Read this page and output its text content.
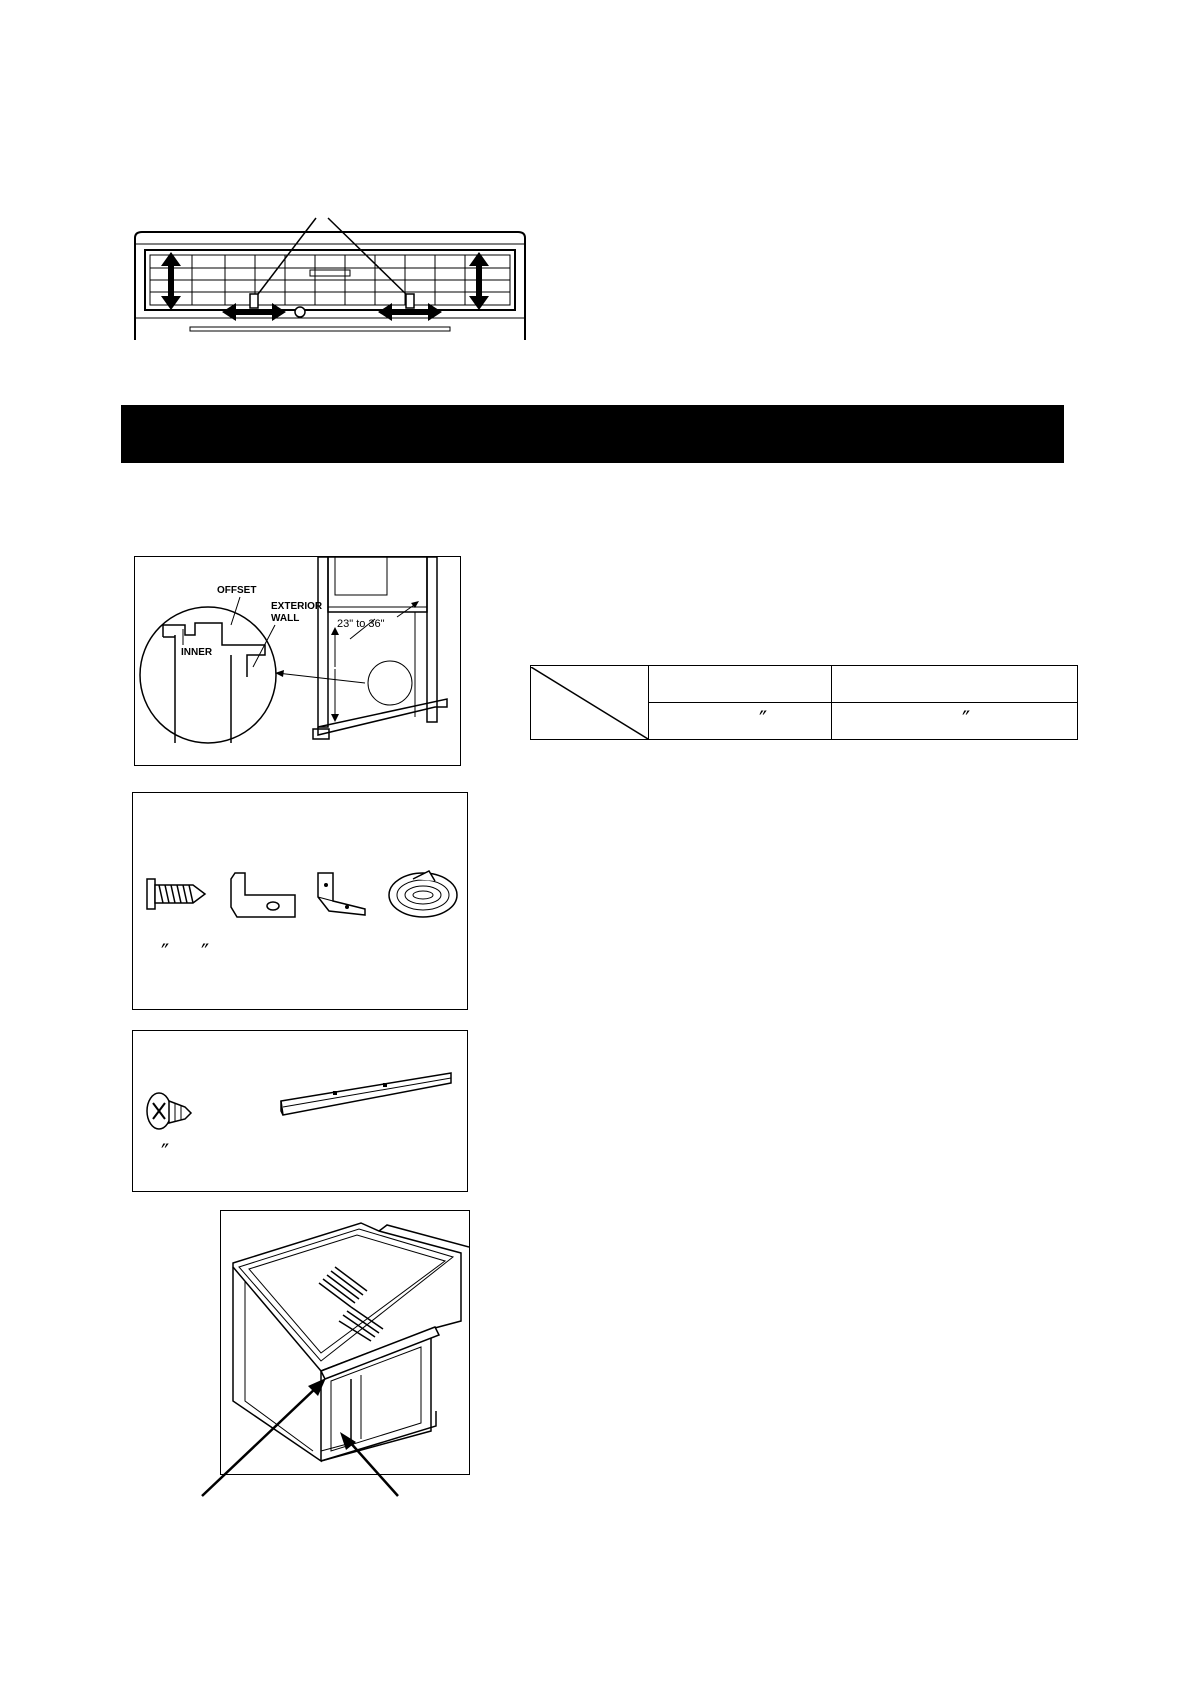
OFFSET
EXTERIOR
WALL
INNER
23" to 36"

	″	″
″ ″
″
